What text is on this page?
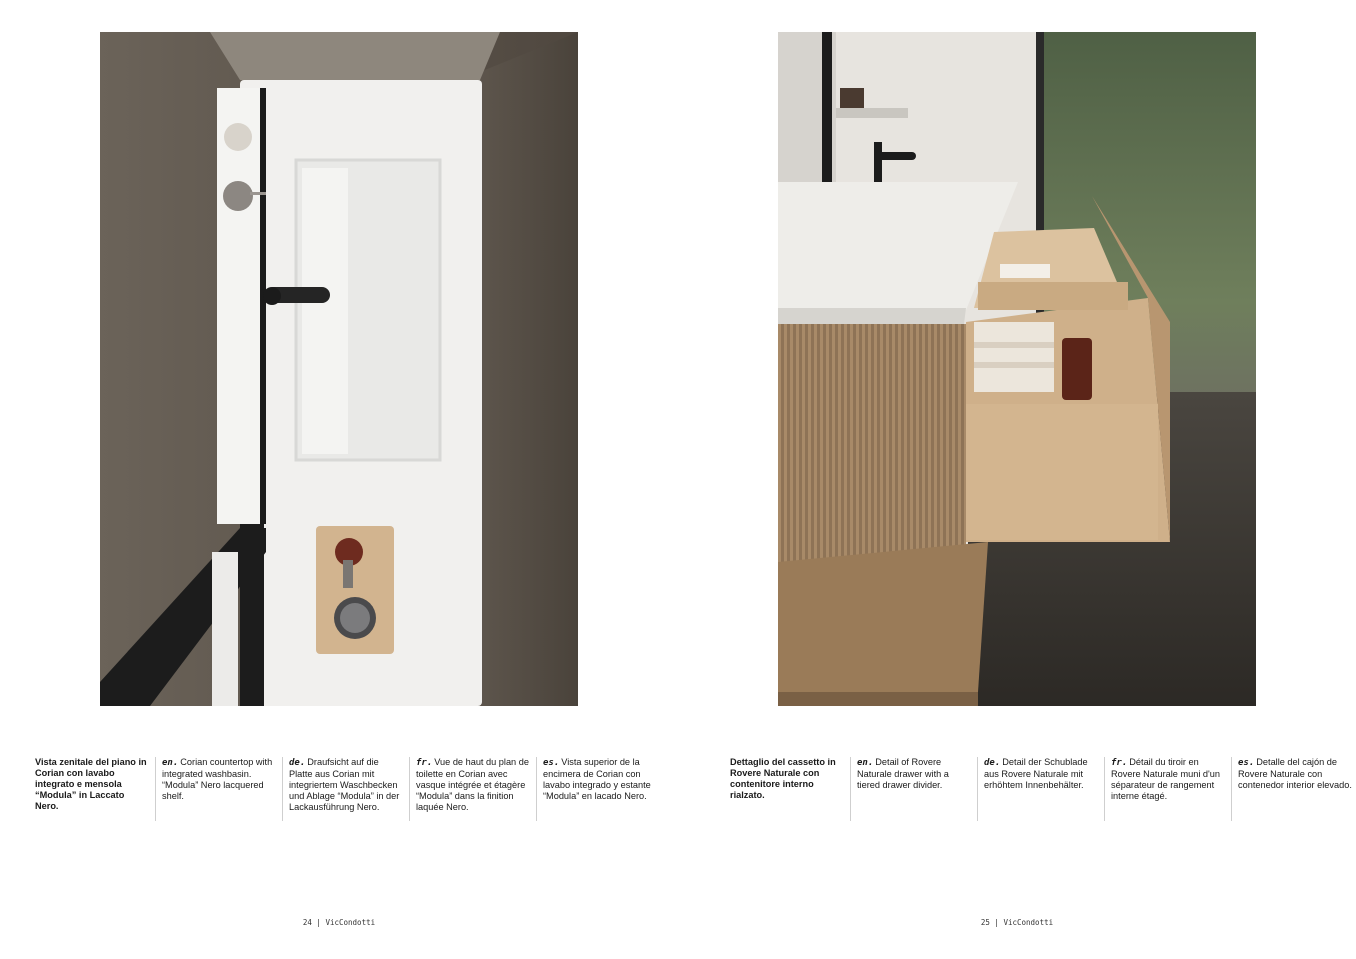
Vista zenitale del piano in Corian con lavabo integrato e mensola “Modula” in Laccato Nero.
en. Corian countertop with integrated washbasin. “Modula” Nero lacquered shelf.
de. Draufsicht auf die Platte aus Corian mit integriertem Waschbecken und Ablage “Modula” in der Lackausführung Nero.
fr. Vue de haut du plan de toilette en Corian avec vasque intégrée et étagère “Modula” dans la finition laquée Nero.
es. Vista superior de la encimera de Corian con lavabo integrado y estante “Modula” en lacado Nero.
24 | VicCondotti
Dettaglio del cassetto in Rovere Naturale con contenitore interno rialzato.
en. Detail of Rovere Naturale drawer with a tiered drawer divider.
de. Detail der Schublade aus Rovere Naturale mit erhöhtem Innenbehälter.
fr. Détail du tiroir en Rovere Naturale muni d'un séparateur de rangement interne étagé.
es. Detalle del cajón de Rovere Naturale con contenedor interior elevado.
25 | VicCondotti
